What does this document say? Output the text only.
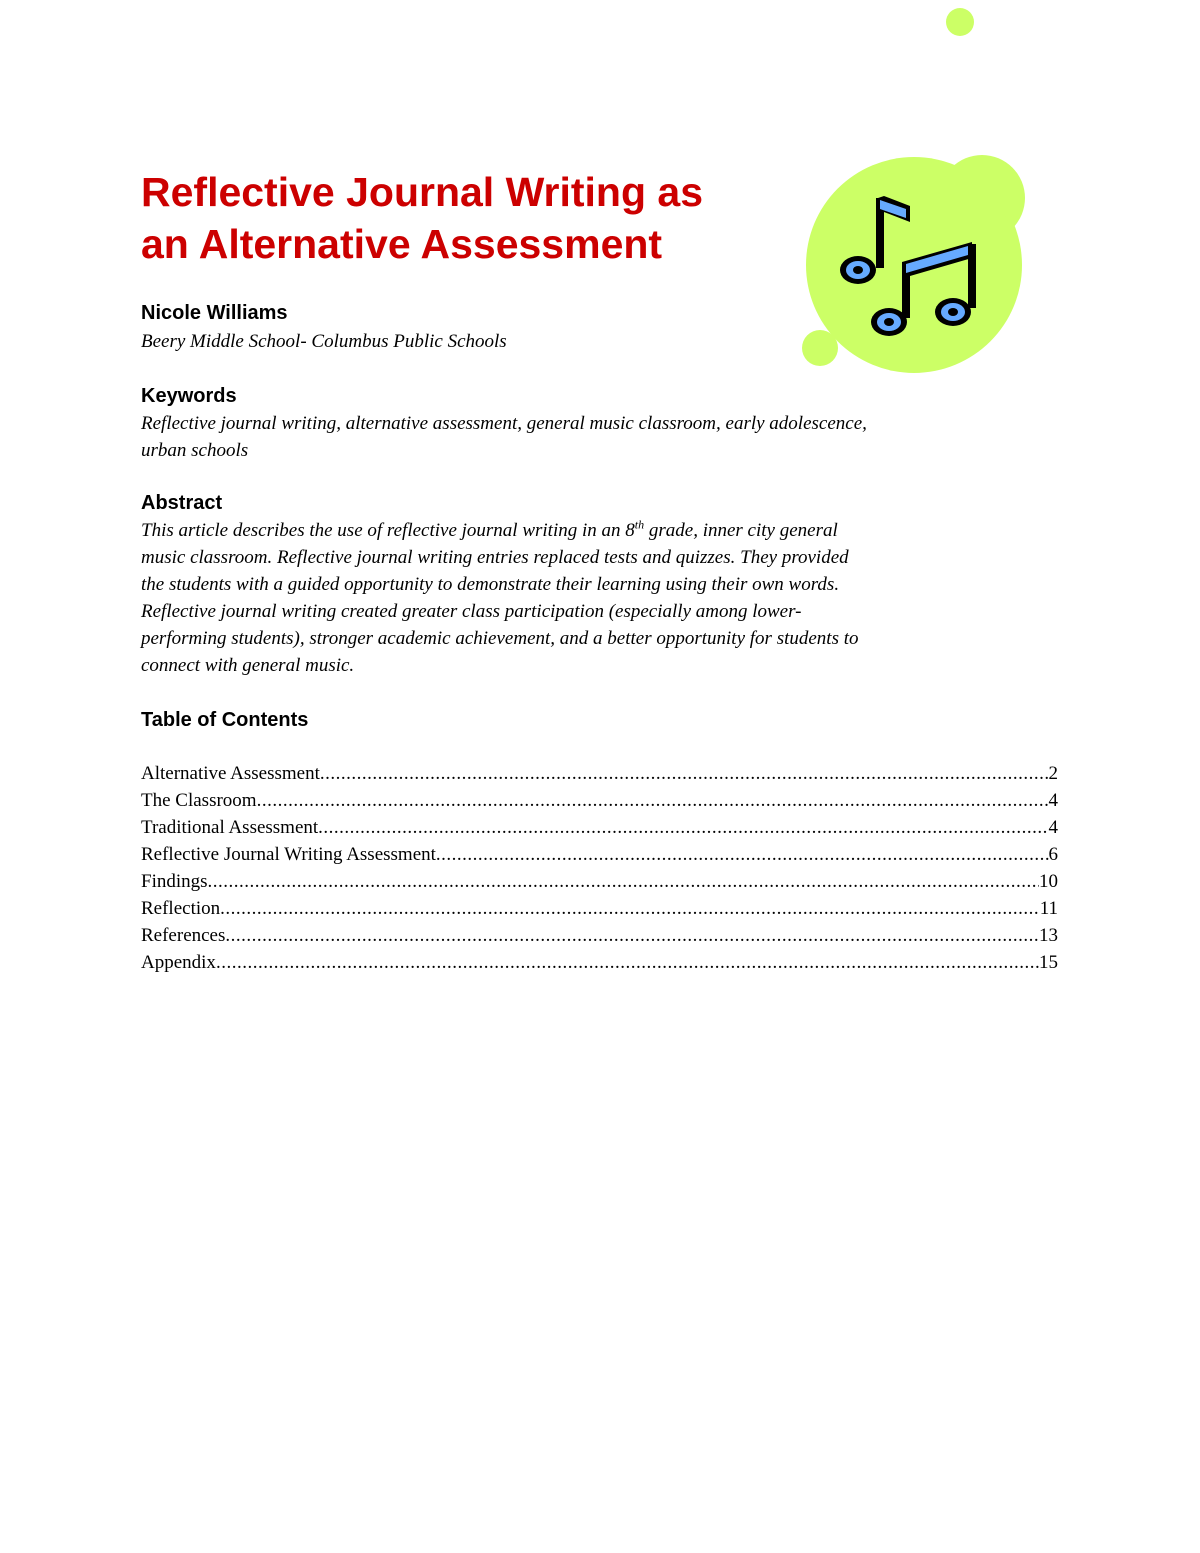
Reflective Journal Writing as
an Alternative Assessment

Nicole Williams

Beery Middle School- Columbus Public Schools

Keywords

Reflective journal writing, alternative assessment, general music classroom, early adolescence,
urban schools

Abstract

This article describes the use of reflective journal writing in an 8th grade, inner city general
music classroom. Reflective journal writing entries replaced tests and quizzes. They provided
the students with a guided opportunity to demonstrate their learning using their own words.
Reflective journal writing created greater class participation (especially among lower-
performing students), stronger academic achievement, and a better opportunity for students to
connect with general music.

Table of Contents
Alternative Assessment .....	2
The Classroom .....	4
Traditional Assessment .....	4
Reflective Journal Writing Assessment .....	6
Findings .....	10
Reflection .....	11
References .....	13
Appendix .....	15
